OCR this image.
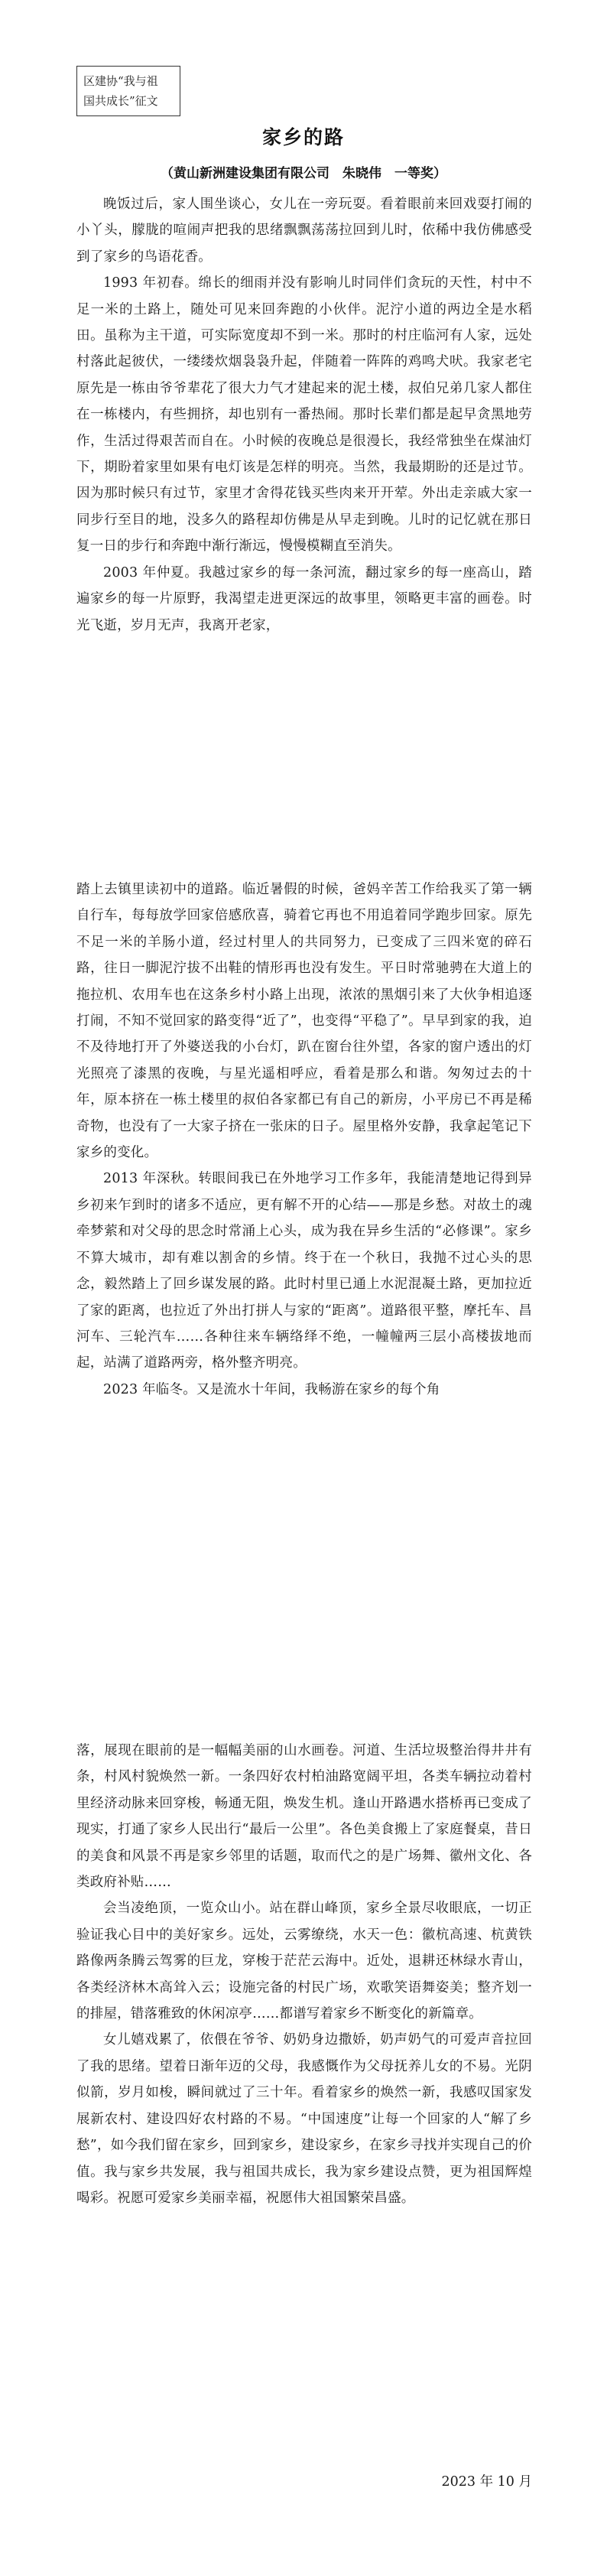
区建协“我与祖
国共成长”征文
家乡的路
（黄山新洲建设集团有限公司　朱晓伟　一等奖）

晚饭过后，家人围坐谈心，女儿在一旁玩耍。看着眼前来回戏耍打闹的小丫头，朦胧的喧闹声把我的思绪飘飘荡荡拉回到儿时，依稀中我仿佛感受到了家乡的鸟语花香。

1993 年初春。绵长的细雨并没有影响儿时同伴们贪玩的天性，村中不足一米的土路上，随处可见来回奔跑的小伙伴。泥泞小道的两边全是水稻田。虽称为主干道，可实际宽度却不到一米。那时的村庄临河有人家，远处村落此起彼伏，一缕缕炊烟袅袅升起，伴随着一阵阵的鸡鸣犬吠。我家老宅原先是一栋由爷爷辈花了很大力气才建起来的泥土楼，叔伯兄弟几家人都住在一栋楼内，有些拥挤，却也别有一番热闹。那时长辈们都是起早贪黑地劳作，生活过得艰苦而自在。小时候的夜晚总是很漫长，我经常独坐在煤油灯下，期盼着家里如果有电灯该是怎样的明亮。当然，我最期盼的还是过节。因为那时候只有过节，家里才舍得花钱买些肉来开开荤。外出走亲戚大家一同步行至目的地，没多久的路程却仿佛是从早走到晚。儿时的记忆就在那日复一日的步行和奔跑中渐行渐远，慢慢模糊直至消失。

2003 年仲夏。我越过家乡的每一条河流，翻过家乡的每一座高山，踏遍家乡的每一片原野，我渴望走进更深远的故事里，领略更丰富的画卷。时光飞逝，岁月无声，我离开老家，

踏上去镇里读初中的道路。临近暑假的时候，爸妈辛苦工作给我买了第一辆自行车，每每放学回家倍感欣喜，骑着它再也不用追着同学跑步回家。原先不足一米的羊肠小道，经过村里人的共同努力，已变成了三四米宽的碎石路，往日一脚泥泞拔不出鞋的情形再也没有发生。平日时常驰骋在大道上的拖拉机、农用车也在这条乡村小路上出现，浓浓的黑烟引来了大伙争相追逐打闹，不知不觉回家的路变得“近了”，也变得“平稳了”。早早到家的我，迫不及待地打开了外婆送我的小台灯，趴在窗台往外望，各家的窗户透出的灯光照亮了漆黑的夜晚，与星光遥相呼应，看着是那么和谐。匆匆过去的十年，原本挤在一栋土楼里的叔伯各家都已有自己的新房，小平房已不再是稀奇物，也没有了一大家子挤在一张床的日子。屋里格外安静，我拿起笔记下家乡的变化。

2013 年深秋。转眼间我已在外地学习工作多年，我能清楚地记得到异乡初来乍到时的诸多不适应，更有解不开的心结——那是乡愁。对故土的魂牵梦萦和对父母的思念时常涌上心头，成为我在异乡生活的“必修课”。家乡不算大城市，却有难以割舍的乡情。终于在一个秋日，我抛不过心头的思念，毅然踏上了回乡谋发展的路。此时村里已通上水泥混凝土路，更加拉近了家的距离，也拉近了外出打拼人与家的“距离”。道路很平整，摩托车、昌河车、三轮汽车……各种往来车辆络绎不绝，一幢幢两三层小高楼拔地而起，站满了道路两旁，格外整齐明亮。

2023 年临冬。又是流水十年间，我畅游在家乡的每个角

落，展现在眼前的是一幅幅美丽的山水画卷。河道、生活垃圾整治得井井有条，村风村貌焕然一新。一条四好农村柏油路宽阔平坦，各类车辆拉动着村里经济动脉来回穿梭，畅通无阻，焕发生机。逢山开路遇水搭桥再已变成了现实，打通了家乡人民出行“最后一公里”。各色美食搬上了家庭餐桌，昔日的美食和风景不再是家乡邻里的话题，取而代之的是广场舞、徽州文化、各类政府补贴……

会当凌绝顶，一览众山小。站在群山峰顶，家乡全景尽收眼底，一切正验证我心目中的美好家乡。远处，云雾缭绕，水天一色：徽杭高速、杭黄铁路像两条腾云驾雾的巨龙，穿梭于茫茫云海中。近处，退耕还林绿水青山，各类经济林木高耸入云；设施完备的村民广场，欢歌笑语舞姿美；整齐划一的排屋，错落雅致的休闲凉亭……都谱写着家乡不断变化的新篇章。

女儿嬉戏累了，依偎在爷爷、奶奶身边撒娇，奶声奶气的可爱声音拉回了我的思绪。望着日渐年迈的父母，我感慨作为父母抚养儿女的不易。光阴似箭，岁月如梭，瞬间就过了三十年。看着家乡的焕然一新，我感叹国家发展新农村、建设四好农村路的不易。“中国速度”让每一个回家的人“解了乡愁”，如今我们留在家乡，回到家乡，建设家乡，在家乡寻找并实现自己的价值。我与家乡共发展，我与祖国共成长，我为家乡建设点赞，更为祖国辉煌喝彩。祝愿可爱家乡美丽幸福，祝愿伟大祖国繁荣昌盛。

2023 年 10 月
